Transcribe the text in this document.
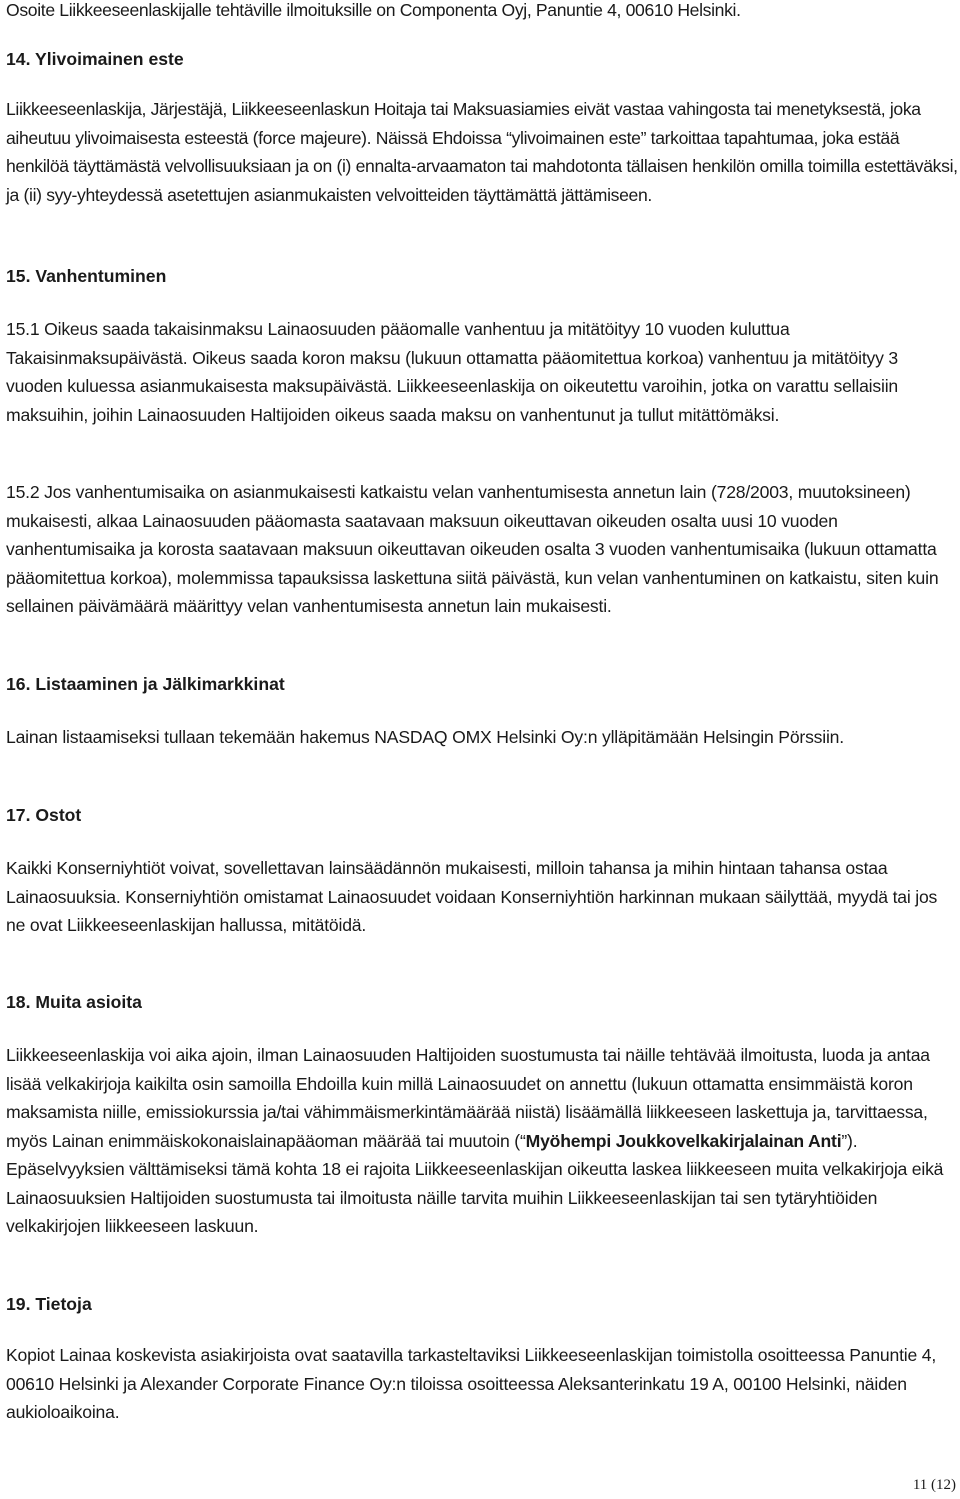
Osoite Liikkeeseenlaskijalle tehtäville ilmoituksille on Componenta Oyj, Panuntie 4, 00610 Helsinki.

14. Ylivoimainen este

Liikkeeseenlaskija, Järjestäjä, Liikkeeseenlaskun Hoitaja tai Maksuasiamies eivät vastaa vahingosta tai menetyksestä, joka aiheutuu ylivoimaisesta esteestä (force majeure). Näissä Ehdoissa “ylivoimainen este” tarkoittaa tapahtumaa, joka estää henkilöä täyttämästä velvollisuuksiaan ja on (i) ennalta-arvaamaton tai mahdotonta tällaisen henkilön omilla toimilla estettäväksi, ja (ii) syy-yhteydessä asetettujen asianmukaisten velvoitteiden täyttämättä jättämiseen.

15. Vanhentuminen

15.1 Oikeus saada takaisinmaksu Lainaosuuden pääomalle vanhentuu ja mitätöityy 10 vuoden kuluttua Takaisinmaksupäivästä. Oikeus saada koron maksu (lukuun ottamatta pääomitettua korkoa) vanhentuu ja mitätöityy 3 vuoden kuluessa asianmukaisesta maksupäivästä. Liikkeeseenlaskija on oikeutettu varoihin, jotka on varattu sellaisiin maksuihin, joihin Lainaosuuden Haltijoiden oikeus saada maksu on vanhentunut ja tullut mitättömäksi.

15.2 Jos vanhentumisaika on asianmukaisesti katkaistu velan vanhentumisesta annetun lain (728/2003, muutoksineen) mukaisesti, alkaa Lainaosuuden pääomasta saatavaan maksuun oikeuttavan oikeuden osalta uusi 10 vuoden vanhentumisaika ja korosta saatavaan maksuun oikeuttavan oikeuden osalta 3 vuoden vanhentumisaika (lukuun ottamatta pääomitettua korkoa), molemmissa tapauksissa laskettuna siitä päivästä, kun velan vanhentuminen on katkaistu, siten kuin sellainen päivämäärä määrittyy velan vanhentumisesta annetun lain mukaisesti.

16. Listaaminen ja Jälkimarkkinat

Lainan listaamiseksi tullaan tekemään hakemus NASDAQ OMX Helsinki Oy:n ylläpitämään Helsingin Pörssiin.

17. Ostot

Kaikki Konserniyhtiöt voivat, sovellettavan lainsäädännön mukaisesti, milloin tahansa ja mihin hintaan tahansa ostaa Lainaosuuksia. Konserniyhtiön omistamat Lainaosuudet voidaan Konserniyhtiön harkinnan mukaan säilyttää, myydä tai jos ne ovat Liikkeeseenlaskijan hallussa, mitätöidä.

18. Muita asioita

Liikkeeseenlaskija voi aika ajoin, ilman Lainaosuuden Haltijoiden suostumusta tai näille tehtävää ilmoitusta, luoda ja antaa lisää velkakirjoja kaikilta osin samoilla Ehdoilla kuin millä Lainaosuudet on annettu (lukuun ottamatta ensimmäistä koron maksamista niille, emissiokurssia ja/tai vähimmäismerkintämäärää niistä) lisäämällä liikkeeseen laskettuja ja, tarvittaessa, myös Lainan enimmäiskokonaislainapääoman määrää tai muutoin (“Myöhempi Joukkovelkakirjalainan Anti”). Epäselvyyksien välttämiseksi tämä kohta 18 ei rajoita Liikkeeseenlaskijan oikeutta laskea liikkeeseen muita velkakirjoja eikä Lainaosuuksien Haltijoiden suostumusta tai ilmoitusta näille tarvita muihin Liikkeeseenlaskijan tai sen tytäryhtiöiden velkakirjojen liikkeeseen laskuun.

19. Tietoja

Kopiot Lainaa koskevista asiakirjoista ovat saatavilla tarkasteltaviksi Liikkeeseenlaskijan toimistolla osoitteessa Panuntie 4, 00610 Helsinki ja Alexander Corporate Finance Oy:n tiloissa osoitteessa Aleksanterinkatu 19 A, 00100 Helsinki, näiden aukioloaikoina.

11 (12)
